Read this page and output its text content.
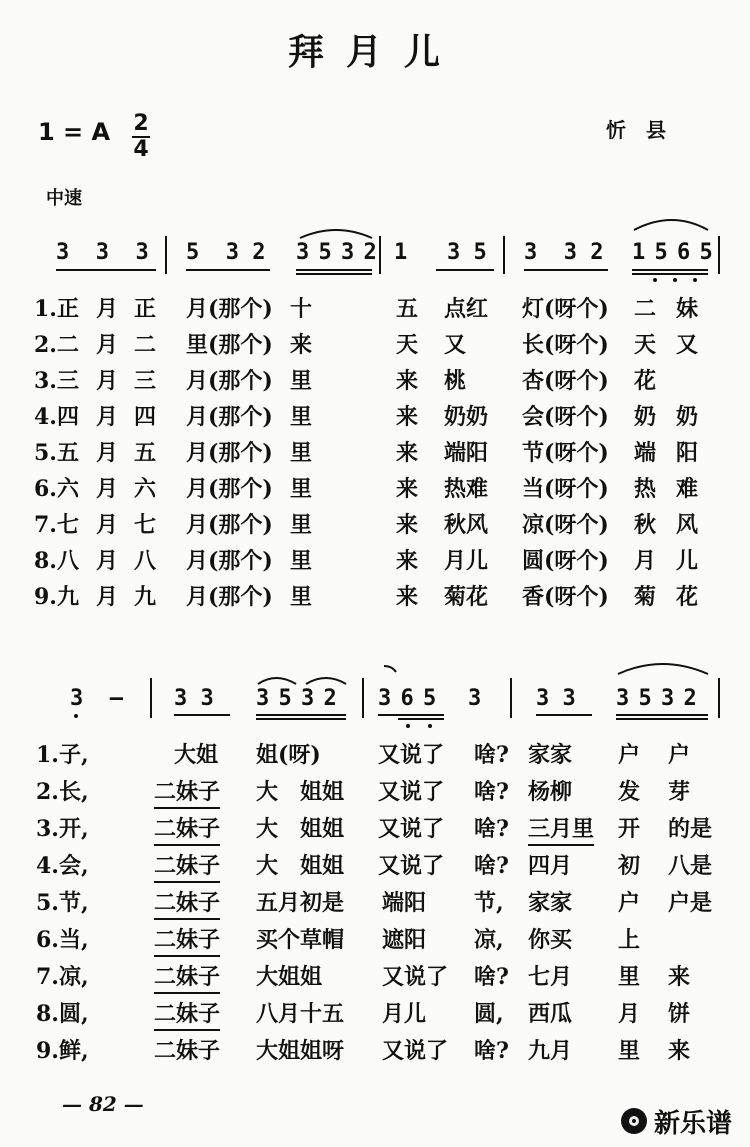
拜月儿
1 = A 2
4
忻县
中速
3  3  3 5  3 2 3 5 3 2 1   3 5 3  3 2 1 5 6 5
1.正 月 正 月(那个) 十	五 点红 灯(呀个) 二 妹
2.二 月 二 里(那个) 来	天 又	长(呀个) 天 又
3.三 月 三 月(那个) 里	来 桃	杏(呀个) 花
4.四 月 四 月(那个) 里	来 奶奶 会(呀个) 奶 奶
5.五 月 五 月(那个) 里	来 端阳 节(呀个) 端 阳
6.六 月 六 月(那个) 里	来 热难 当(呀个) 热 难
7.七 月 七 月(那个) 里	来 秋风 凉(呀个) 秋 风
8.八 月 八 月(那个) 里	来 月儿 圆(呀个) 月 儿
9.九 月 九 月(那个) 里	来 菊花 香(呀个) 菊 花
3  — 3 3 3 5 3 2 3 6 5   3	3 3 3 5 3 2
1.子,	大姐 姐(呀)	又说了 啥? 家家 户 户
2.长,	二妹子 大 姐姐 又说了 啥? 杨柳 发 芽
3.开,	二妹子 大 姐姐 又说了 啥? 三月里 开 的是
4.会,	二妹子 大 姐姐 又说了 啥? 四月 初 八是
5.节,	二妹子 五月初是 端阳 节, 家家 户 户是
6.当,	二妹子 买个草帽 遮阳 凉, 你买 上
7.凉,	二妹子 大姐姐	又说了 啥? 七月 里 来
8.圆,	二妹子 八月十五 月儿 圆, 西瓜 月 饼
9.鲜,	二妹子 大姐姐呀 又说了 啥? 九月 里 来
— 82 —
新乐谱
